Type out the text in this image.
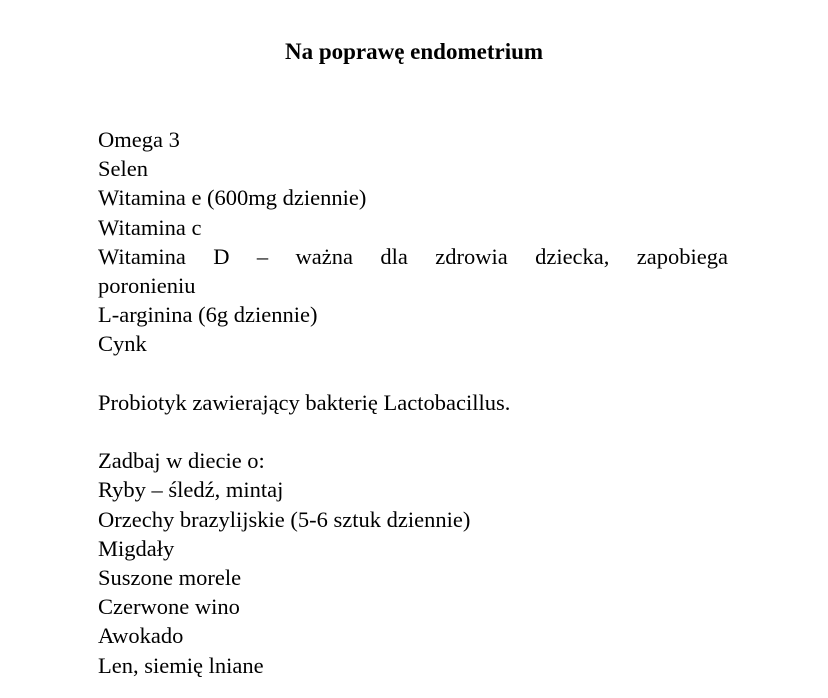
Na poprawę endometrium
Omega 3
Selen
Witamina e (600mg dziennie)
Witamina c
Witamina D – ważna dla zdrowia dziecka, zapobiega
poronieniu
L-arginina (6g dziennie)
Cynk
Probiotyk zawierający bakterię Lactobacillus.
Zadbaj w diecie o:
Ryby – śledź, mintaj
Orzechy brazylijskie (5-6 sztuk dziennie)
Migdały
Suszone morele
Czerwone wino
Awokado
Len, siemię lniane
